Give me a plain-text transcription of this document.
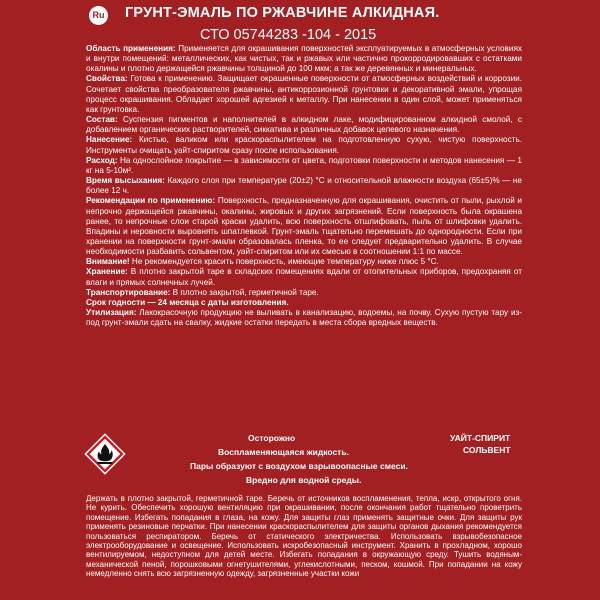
Ru ГРУНТ-ЭМАЛЬ ПО РЖАВЧИНЕ АЛКИДНАЯ.
СТО 05744283 -104 - 2015

Область применения: Применяется для окрашивания поверхностей эксплуатируемых в атмосферных условиях и внутри помещений: металлических, как чистых, так и ржавых или частично прокорродировавших с остатками окалины и плотно держащейся ржавчины толщиной до 100 мкм; а так же деревянных и минеральных.

Свойства: Готова к применению. Защищает окрашенные поверхности от атмосферных воздействий и коррозии. Сочетает свойства преобразователя ржавчины, антикоррозионной грунтовки и декоративной эмали, упрощая процесс окрашивания. Обладает хорошей адгезией к металлу. При нанесении в один слой, может применяться как грунтовка.

Состав: Суспензия пигментов и наполнителей в алкидном лаке, модифицированном алкидной смолой, с добавлением органических растворителей, сиккатива и различных добавок целевого назначения.

Нанесение: Кистью, валиком или краскораспылителем на подготовленную сухую, чистую поверхность. Инструменты очищать уайт-спиритом сразу после использования.

Расход: На однослойное покрытие — в зависимости от цвета, подготовки поверхности и методов нанесения — 1 кг на 5-10м².

Время высыхания: Каждого слоя при температуре (20±2) °С и относительной влажности воздуха (65±5)% — не более 12 ч.

Рекомендации по применению: Поверхность, предназначенную для окрашивания, очистить от пыли, рыхлой и непрочно держащейся ржавчины, окалины, жировых и других загрязнений. Если поверхность была окрашена ранее, то непрочные слои старой краски удалить, всю поверхность отшлифовать, пыль от шлифовки удалить. Впадины и неровности выровнять шпатлевкой. Грунт-эмаль тщательно перемешать до однородности. Если при хранении на поверхности грунт-эмали образовалась пленка, то ее следует предварительно удалить. В случае необходимости разбавить сольвентом, уайт-спиритом или их смесью в соотношении 1:1 по массе.

Внимание! Не рекомендуется красить поверхность, имеющие температуру ниже плюс 5 °С.

Хранение: В плотно закрытой таре в складских помещениях вдали от отопительных приборов, предохраняя от влаги и прямых солнечных лучей.

Транспортирование: В плотно закрытой, герметичной таре.

Срок годности — 24 месяца с даты изготовления.

Утилизация: Лакокрасочную продукцию не выливать в канализацию, водоемы, на почву. Сухую пустую тару из-под грунт-эмали сдать на свалку, жидкие остатки передать в места сбора вредных веществ.

Осторожно
Воспламеняющаяся жидкость.
Пары образуют с воздухом взрывоопасные смеси.
Вредно для водной среды.
УАЙТ-СПИРИТ
СОЛЬВЕНТ
Держать в плотно закрытой, герметичной таре. Беречь от источников воспламенения, тепла, искр, открытого огня. Не курить. Обеспечить хорошую вентиляцию при окрашивании, после окончания работ тщательно проветрить помещение. Избегать попадания в глаза, на кожу. Для защиты глаз применять защитные очки. Для защиты рук применять резиновые перчатки. При нанесении краскораспылителем для защиты органов дыхания рекомендуется пользоваться респиратором. Беречь от статического электричества. Использовать взрывобезопасное электрооборудование и освещение. Использовать искробезопасный инструмент. Хранить в прохладном, хорошо вентилируемом, недоступном для детей месте. Избегать попадания в окружающую среду. Тушить водяным-механической пеной, порошковыми огнетушителями, углекислотными, песком, кошмой. При попадании на кожу немедленно снять всю загрязненную одежду, загрязненные участки кожи
